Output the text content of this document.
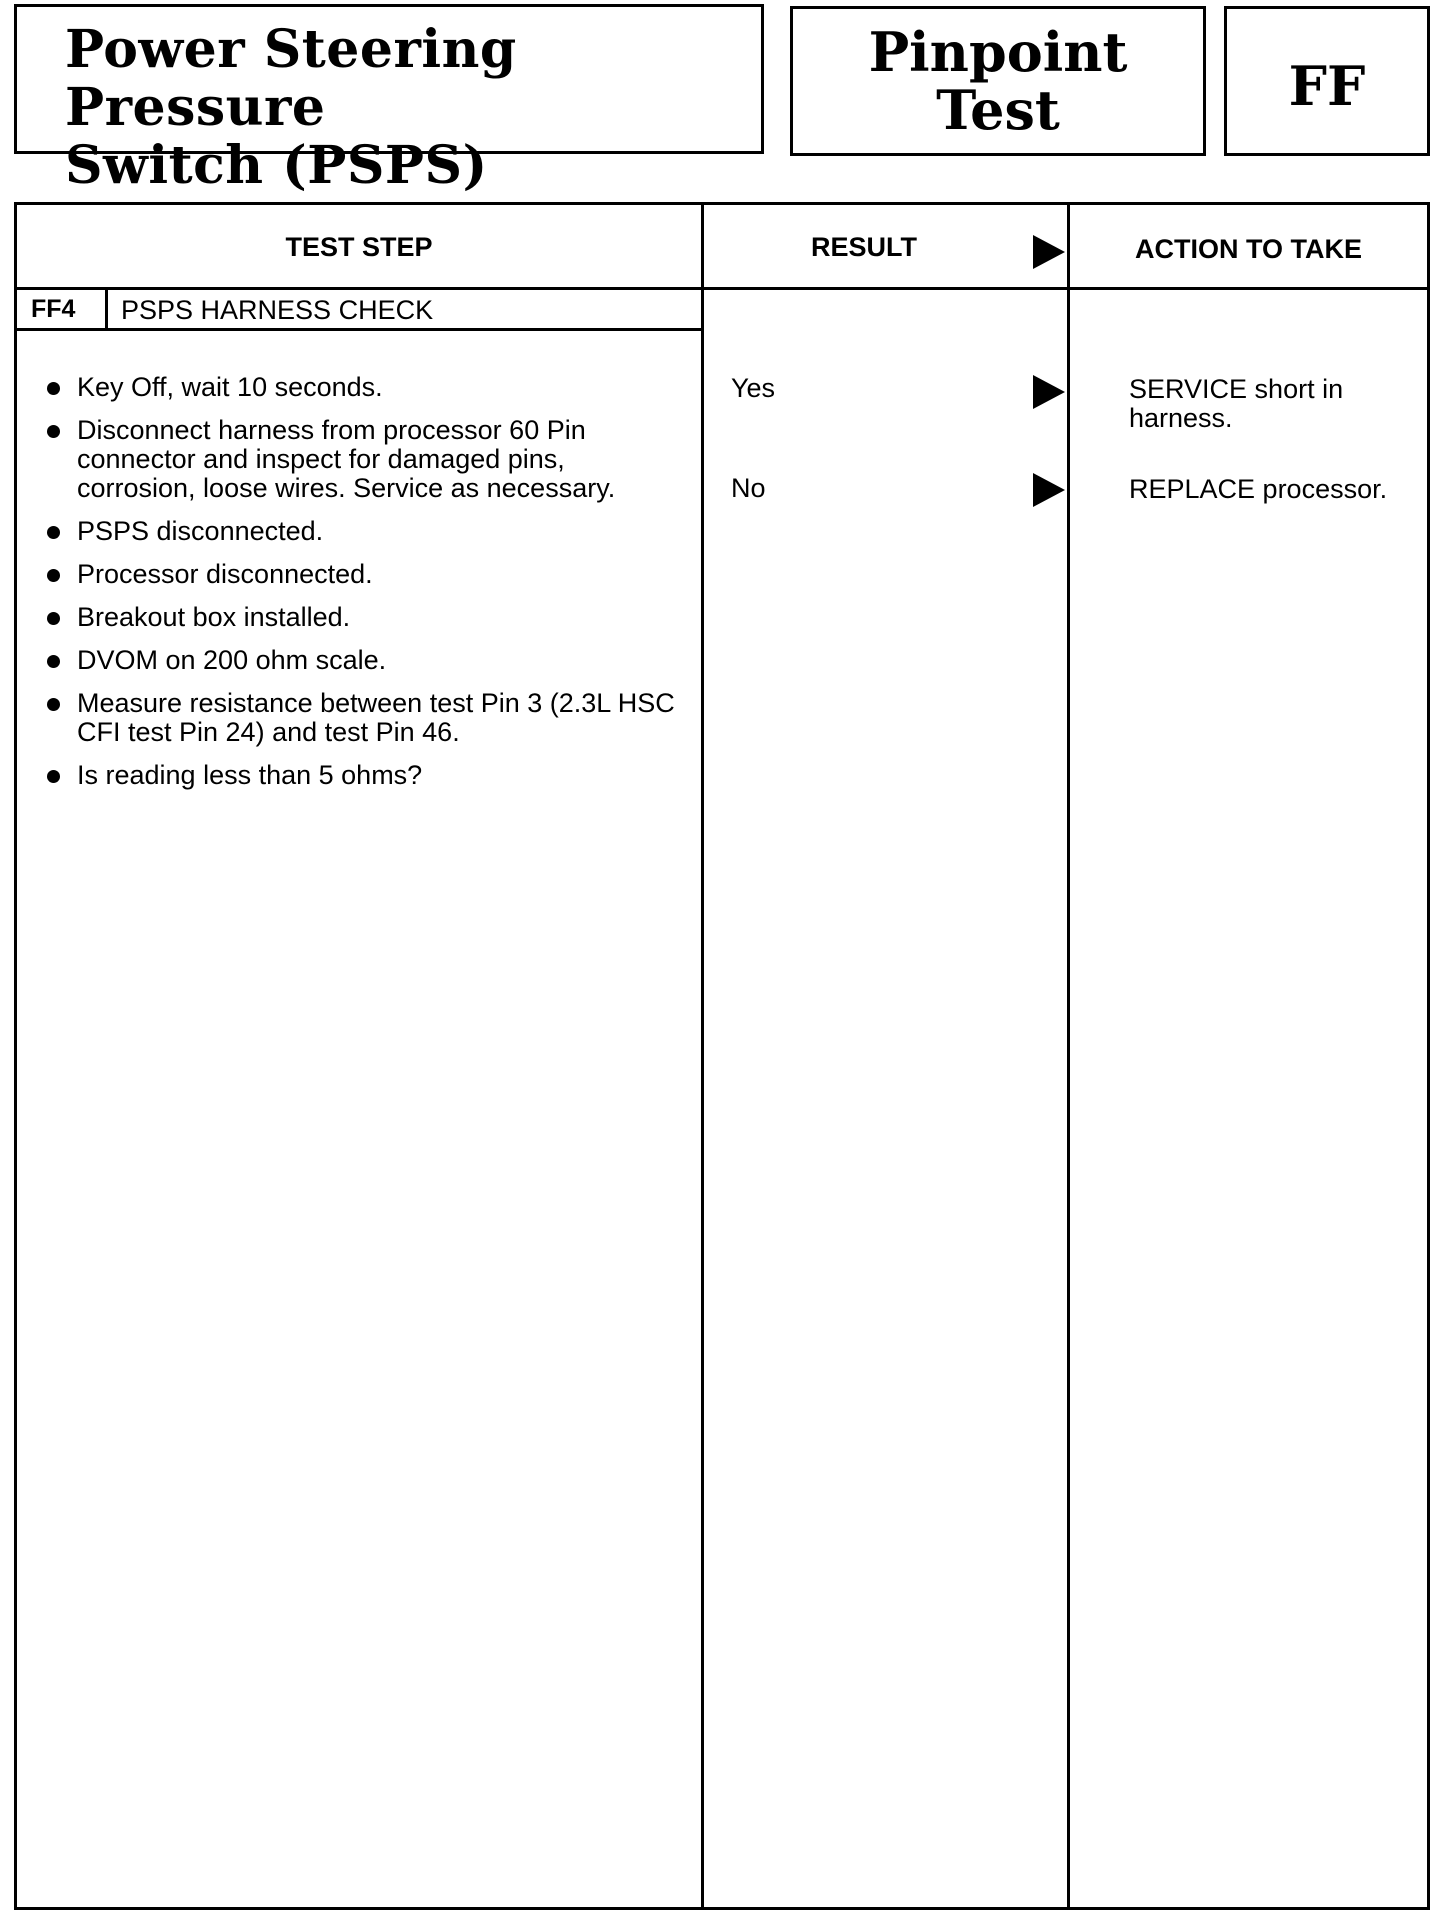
Power Steering Pressure
Switch (PSPS)
Pinpoint
Test	FF
TEST STEP	RESULT	ACTION TO TAKE
FF4 PSPS HARNESS CHECK
Key Off, wait 10 seconds.
Disconnect harness from processor 60 Pin connector and inspect for damaged pins, corrosion, loose wires. Service as necessary.
PSPS disconnected.
Processor disconnected.
Breakout box installed.
DVOM on 200 ohm scale.
Measure resistance between test Pin 3 (2.3L HSC CFI test Pin 24) and test Pin 46.
Is reading less than 5 ohms?
Yes	SERVICE short in harness.
No	REPLACE processor.
